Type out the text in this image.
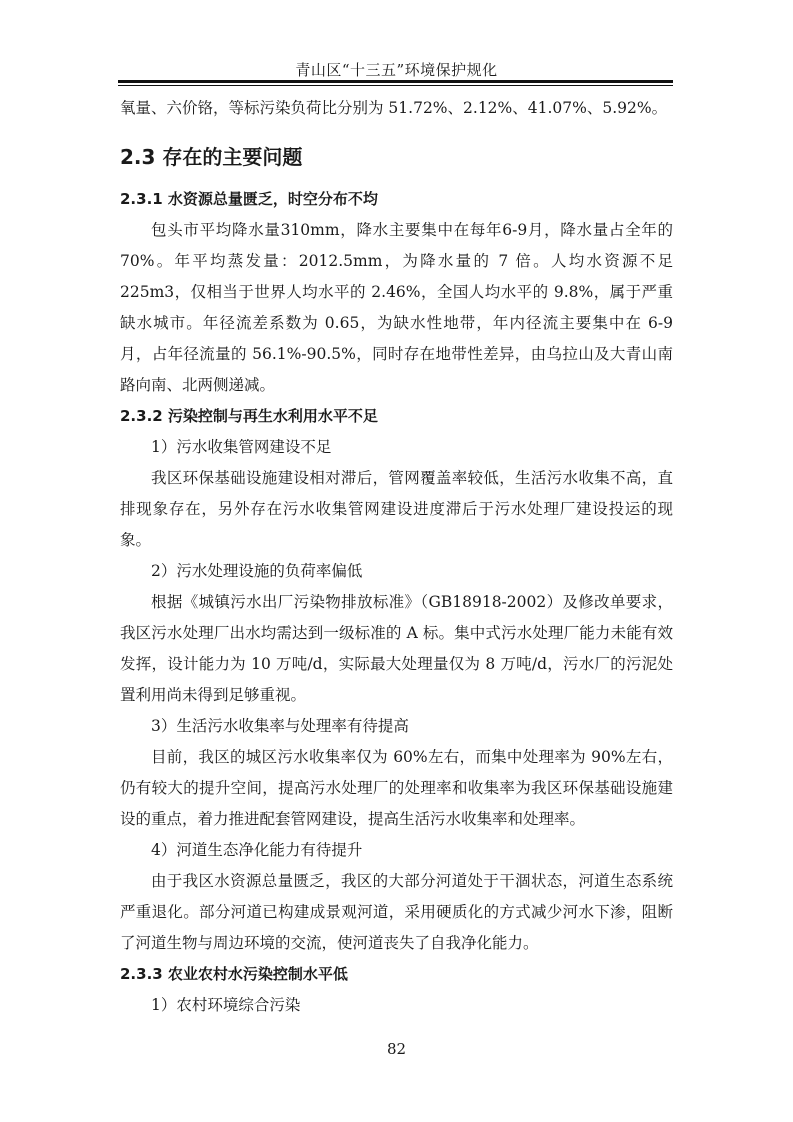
青山区“十三五”环境保护规化

氧量、六价铬，等标污染负荷比分别为 51.72%、2.12%、41.07%、5.92%。

2.3 存在的主要问题
2.3.1 水资源总量匮乏，时空分布不均

包头市平均降水量310mm，降水主要集中在每年6-9月，降水量占全年的70%。年平均蒸发量：2012.5mm，为降水量的 7 倍。人均水资源不足 225m3，仅相当于世界人均水平的 2.46%，全国人均水平的 9.8%，属于严重缺水城市。年径流差系数为 0.65，为缺水性地带，年内径流主要集中在 6-9 月，占年径流量的 56.1%-90.5%，同时存在地带性差异，由乌拉山及大青山南路向南、北两侧递减。

2.3.2 污染控制与再生水利用水平不足

1）污水收集管网建设不足

我区环保基础设施建设相对滞后，管网覆盖率较低，生活污水收集不高，直排现象存在，另外存在污水收集管网建设进度滞后于污水处理厂建设投运的现象。

2）污水处理设施的负荷率偏低

根据《城镇污水出厂污染物排放标准》（GB18918-2002）及修改单要求，我区污水处理厂出水均需达到一级标准的 A 标。集中式污水处理厂能力未能有效发挥，设计能力为 10 万吨/d，实际最大处理量仅为 8 万吨/d，污水厂的污泥处置利用尚未得到足够重视。

3）生活污水收集率与处理率有待提高

目前，我区的城区污水收集率仅为 60%左右，而集中处理率为 90%左右，仍有较大的提升空间，提高污水处理厂的处理率和收集率为我区环保基础设施建设的重点，着力推进配套管网建设，提高生活污水收集率和处理率。

4）河道生态净化能力有待提升

由于我区水资源总量匮乏，我区的大部分河道处于干涸状态，河道生态系统严重退化。部分河道已构建成景观河道，采用硬质化的方式减少河水下渗，阻断了河道生物与周边环境的交流，使河道丧失了自我净化能力。

2.3.3 农业农村水污染控制水平低

1）农村环境综合污染

82
